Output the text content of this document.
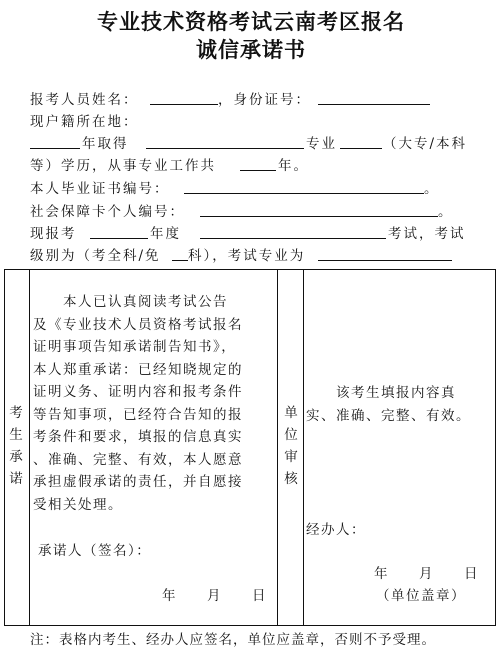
专业技术资格考试云南考区报名
诚信承诺书
报考人员姓名：	，身份证号：
现户籍所在地：
年取得	专业	（大专/本科
等）学历，从事专业工作共	年。
本人毕业证书编号：	。
社会保障卡个人编号：	。
现报考	年度	考试，考试
级别为（考全科/免 科），考试专业为
考生承诺
　　本人已认真阅读考试公告
及《专业技术人员资格考试报名
证明事项告知承诺制告知书》，
本人郑重承诺：已经知晓规定的
证明义务、证明内容和报考条件
等告知事项，已经符合告知的报
考条件和要求，填报的信息真实
、准确、完整、有效，本人愿意
承担虚假承诺的责任，并自愿接
受相关处理。
承诺人（签名）：
年　　月　　日
单位审核
　　该考生填报内容真
实、准确、完整、有效。
经办人：
年　　月　　日
（单位盖章）
注：表格内考生、经办人应签名，单位应盖章，否则不予受理。
